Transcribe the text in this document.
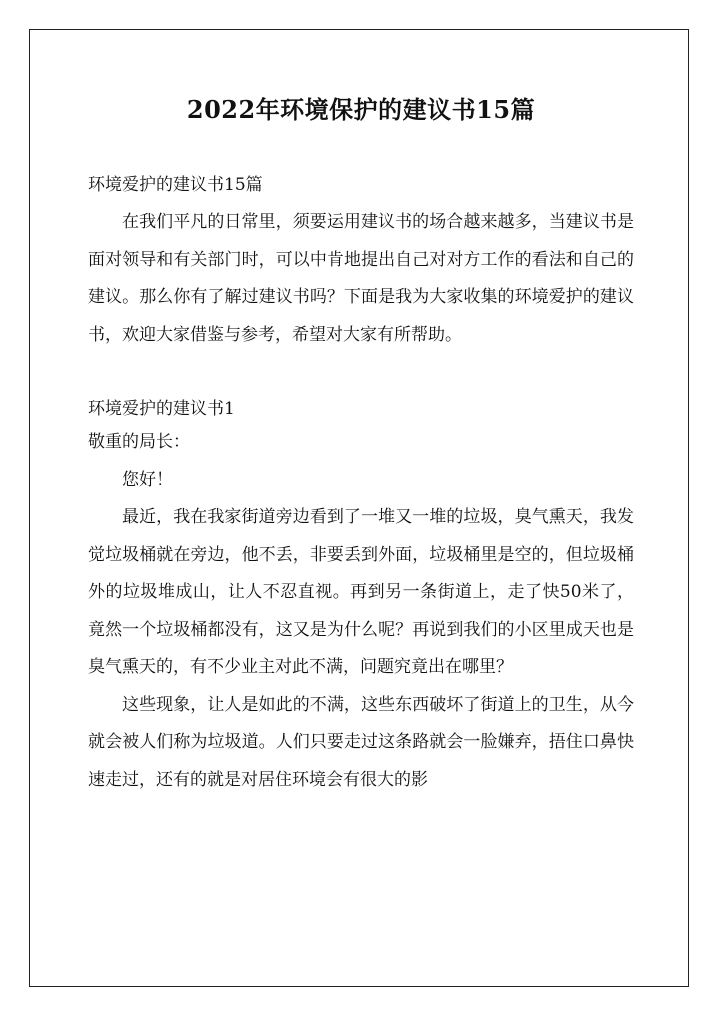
2022年环境保护的建议书15篇

环境爱护的建议书15篇

在我们平凡的日常里，须要运用建议书的场合越来越多，当建议书是面对领导和有关部门时，可以中肯地提出自己对对方工作的看法和自己的建议。那么你有了解过建议书吗？下面是我为大家收集的环境爱护的建议书，欢迎大家借鉴与参考，希望对大家有所帮助。

环境爱护的建议书1

敬重的局长：

您好！

最近，我在我家街道旁边看到了一堆又一堆的垃圾，臭气熏天，我发觉垃圾桶就在旁边，他不丢，非要丢到外面，垃圾桶里是空的，但垃圾桶外的垃圾堆成山，让人不忍直视。再到另一条街道上，走了快50米了，竟然一个垃圾桶都没有，这又是为什么呢？再说到我们的小区里成天也是臭气熏天的，有不少业主对此不满，问题究竟出在哪里？

这些现象，让人是如此的不满，这些东西破坏了街道上的卫生，从今就会被人们称为垃圾道。人们只要走过这条路就会一脸嫌弃，捂住口鼻快速走过，还有的就是对居住环境会有很大的影
